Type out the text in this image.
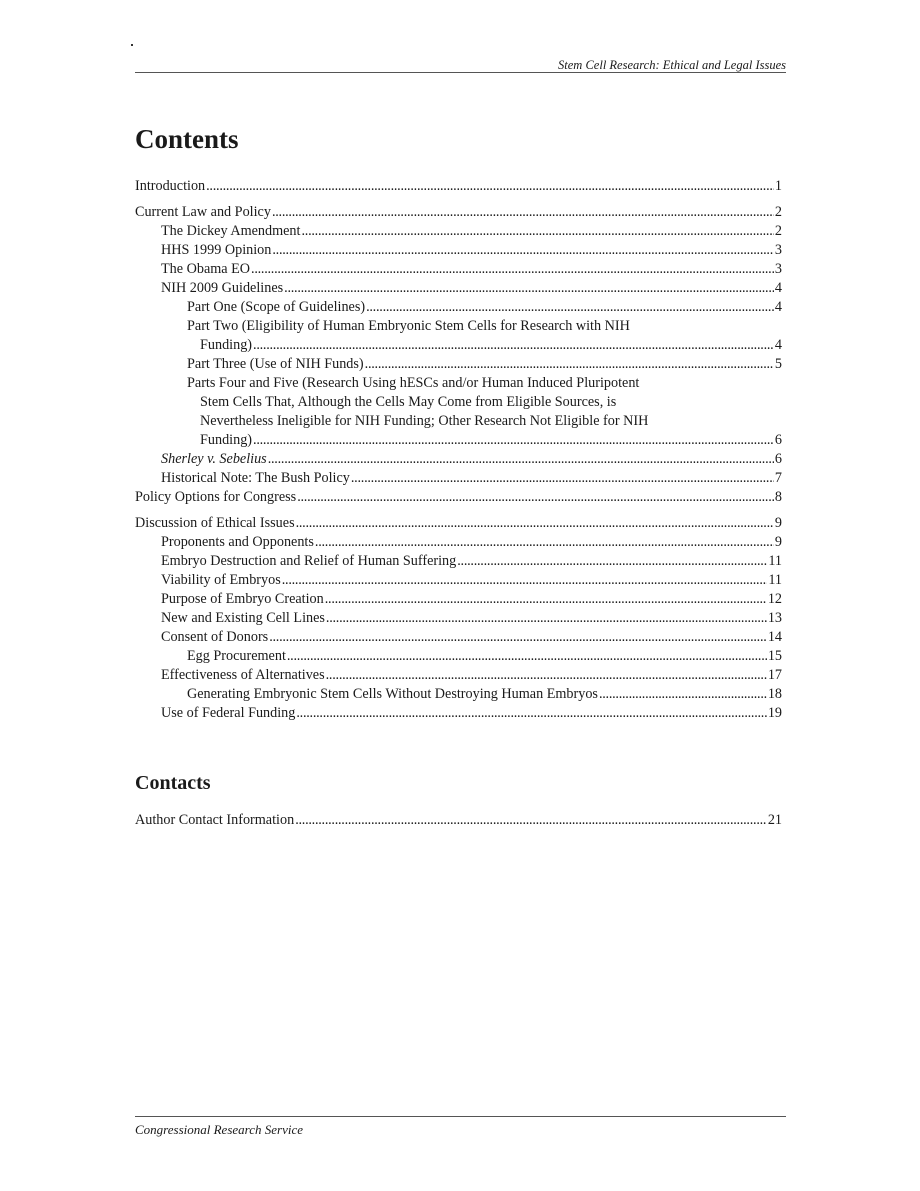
Stem Cell Research: Ethical and Legal Issues
Contents
Introduction . . .	1
Current Law and Policy . . .	2
The Dickey Amendment . . .	2
HHS 1999 Opinion . . .	3
The Obama EO . . .	3
NIH 2009 Guidelines . . .	4
Part One (Scope of Guidelines) . . .	4
Part Two (Eligibility of Human Embryonic Stem Cells for Research with NIH
Funding) . . .	4
Part Three (Use of NIH Funds) . . .	5
Parts Four and Five (Research Using hESCs and/or Human Induced Pluripotent
Stem Cells That, Although the Cells May Come from Eligible Sources, is
Nevertheless Ineligible for NIH Funding; Other Research Not Eligible for NIH
Funding) . . .	6
Sherley v. Sebelius . . .	6
Historical Note: The Bush Policy . . .	7
Policy Options for Congress . . .	8
Discussion of Ethical Issues . . .	9
Proponents and Opponents . . .	9
Embryo Destruction and Relief of Human Suffering . . .	11
Viability of Embryos . . .	11
Purpose of Embryo Creation . . .	12
New and Existing Cell Lines . . .	13
Consent of Donors . . .	14
Egg Procurement . . .	15
Effectiveness of Alternatives . . .	17
Generating Embryonic Stem Cells Without Destroying Human Embryos . . .	18
Use of Federal Funding . . .	19
Contacts
Author Contact Information . . .	21
Congressional Research Service
